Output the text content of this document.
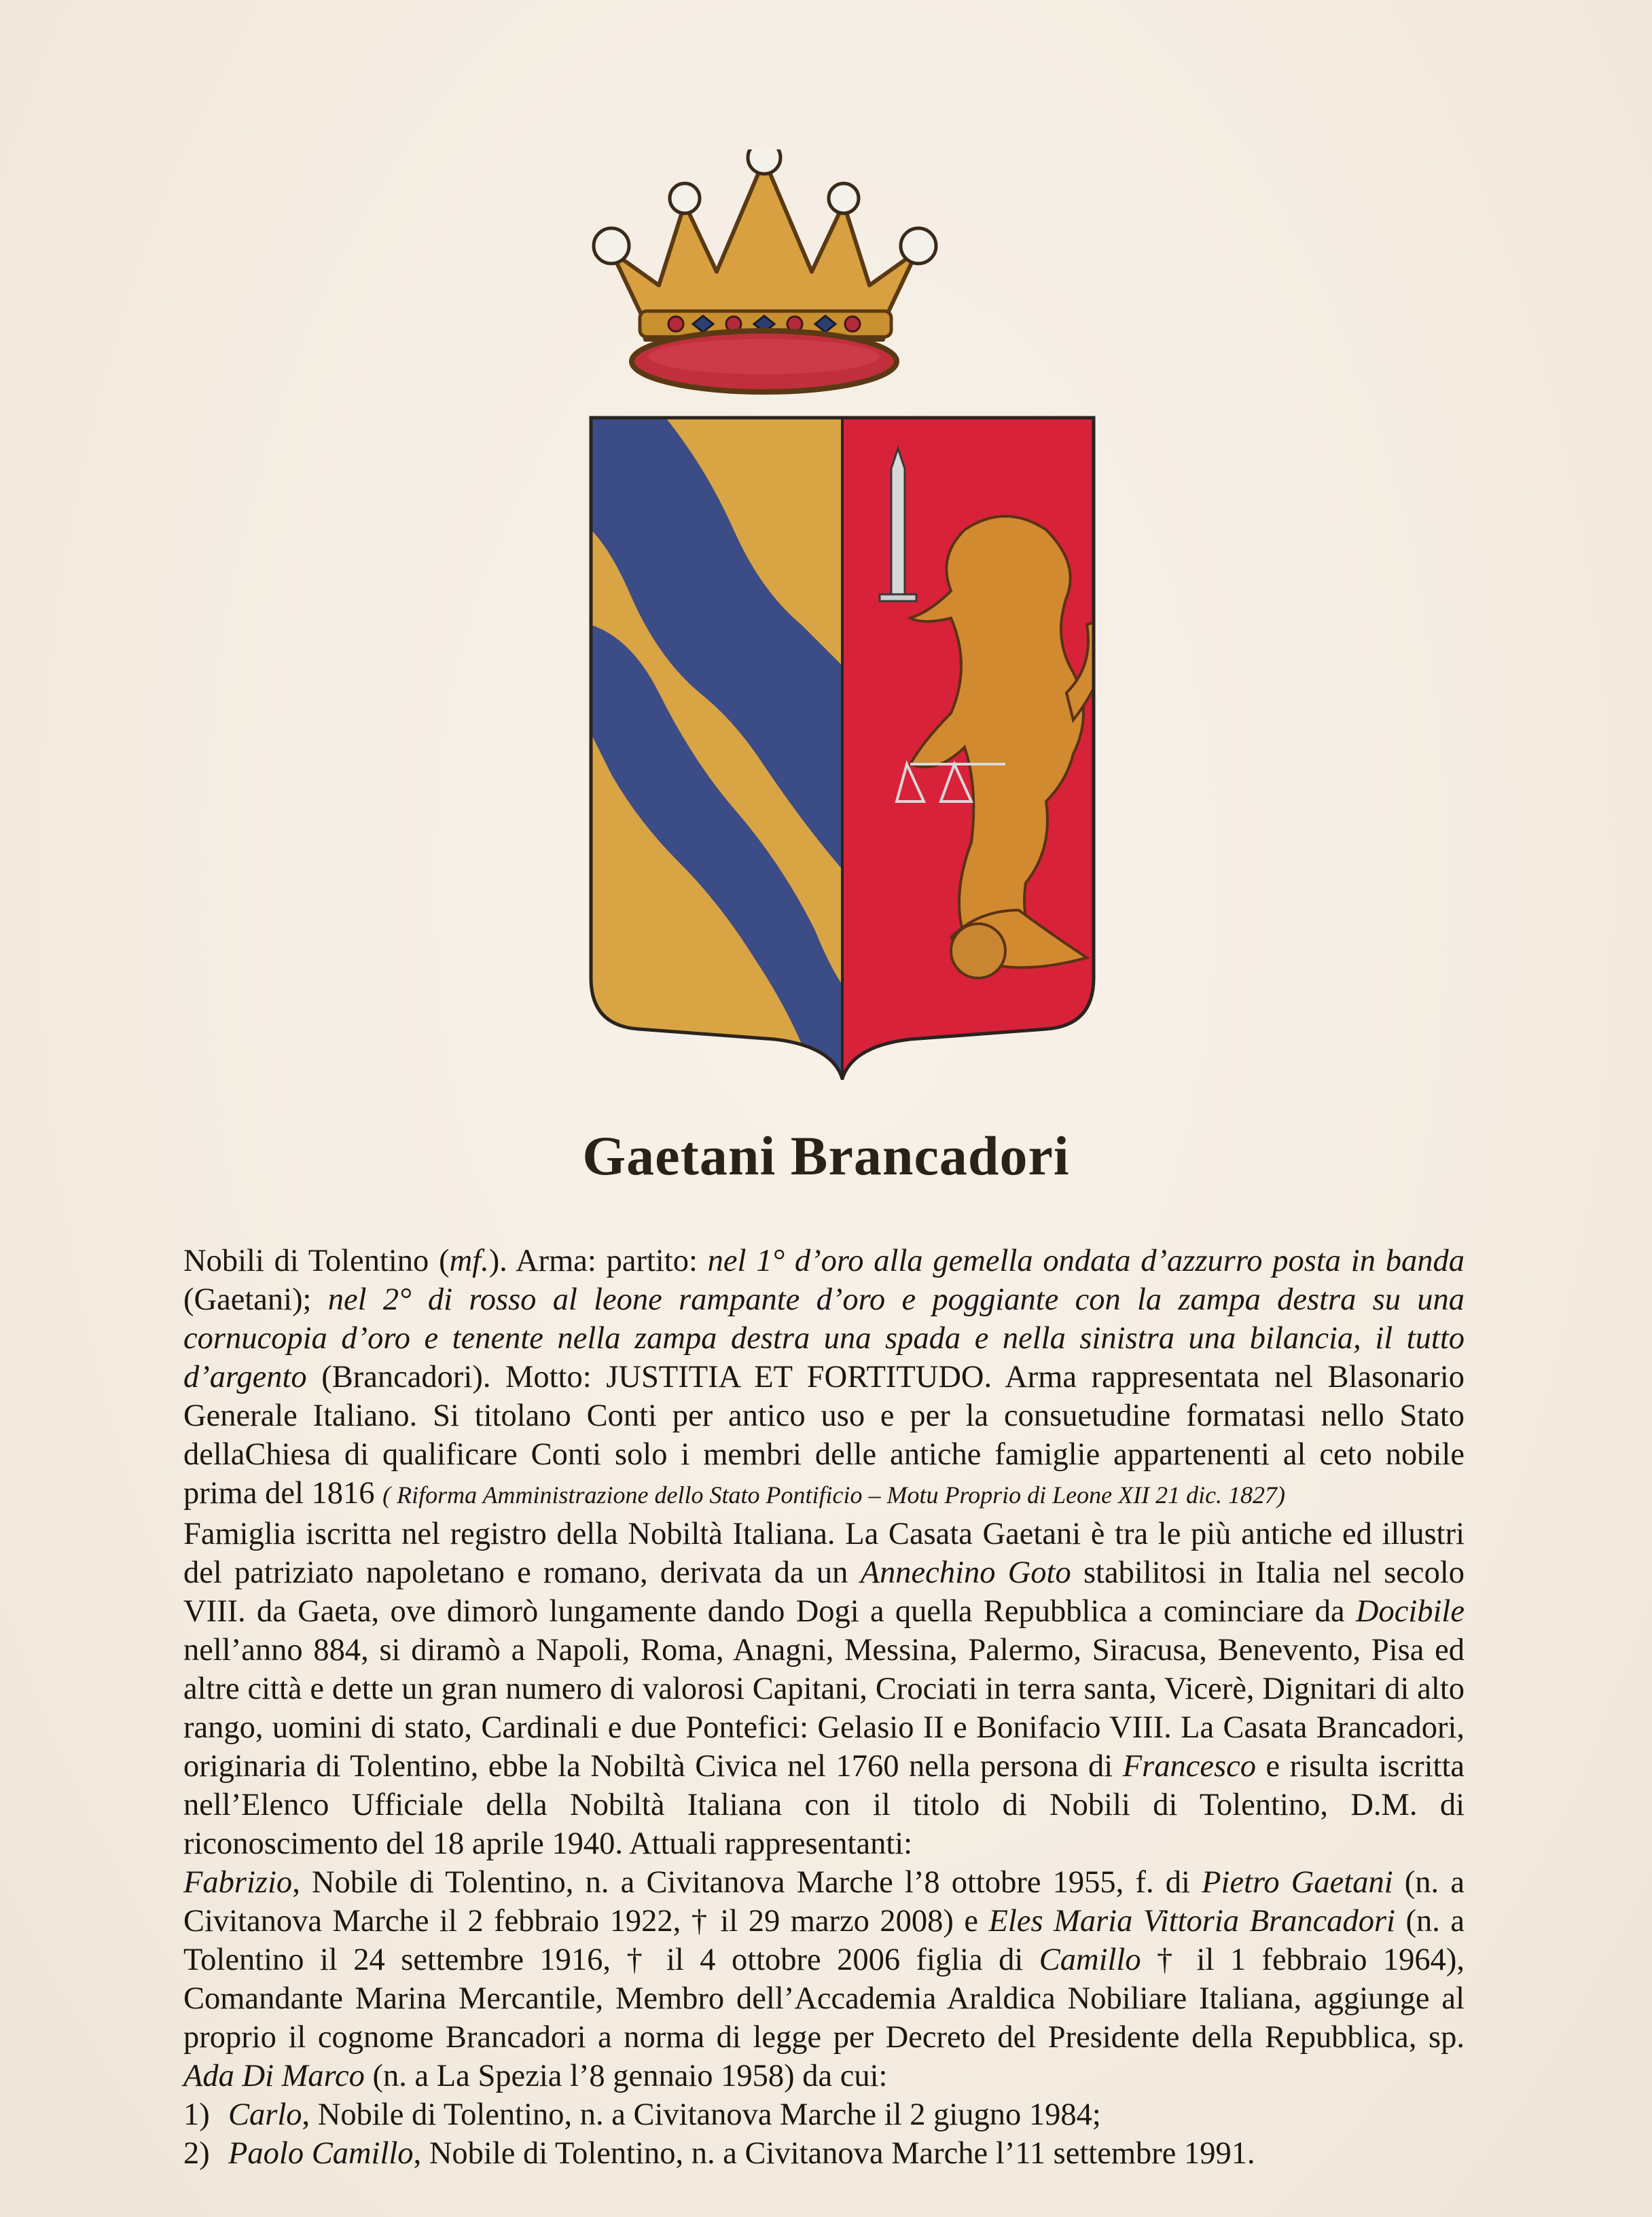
Gaetani Brancadori

Nobili di Tolentino (mf.). Arma: partito: nel 1° d’oro alla gemella ondata d’azzurro posta in banda (Gaetani); nel 2° di rosso al leone rampante d’oro e poggiante con la zampa destra su una cornucopia d’oro e tenente nella zampa destra una spada e nella sinistra una bilancia, il tutto d’argento (Brancadori). Motto: JUSTITIA ET FORTITUDO. Arma rappresentata nel Blasonario Generale Italiano. Si titolano Conti per antico uso e per la consuetudine formatasi nello Stato dellaChiesa di qualificare Conti solo i membri delle antiche famiglie appartenenti al ceto nobile prima del 1816 ( Riforma Amministrazione dello Stato Pontificio – Motu Proprio di Leone XII 21 dic. 1827)

Famiglia iscritta nel registro della Nobiltà Italiana. La Casata Gaetani è tra le più antiche ed illustri del patriziato napoletano e romano, derivata da un Annechino Goto stabilitosi in Italia nel secolo VIII. da Gaeta, ove dimorò lungamente dando Dogi a quella Repubblica a cominciare da Docibile nell’anno 884, si diramò a Napoli, Roma, Anagni, Messina, Palermo, Siracusa, Benevento, Pisa ed altre città e dette un gran numero di valorosi Capitani, Crociati in terra santa, Vicerè, Dignitari di alto rango, uomini di stato, Cardinali e due Pontefici: Gelasio II e Bonifacio VIII. La Casata Brancadori, originaria di Tolentino, ebbe la Nobiltà Civica nel 1760 nella persona di Francesco e risulta iscritta nell’Elenco Ufficiale della Nobiltà Italiana con il titolo di Nobili di Tolentino, D.M. di riconoscimento del 18 aprile 1940. Attuali rappresentanti:

Fabrizio, Nobile di Tolentino, n. a Civitanova Marche l’8 ottobre 1955, f. di Pietro Gaetani (n. a Civitanova Marche il 2 febbraio 1922, † il 29 marzo 2008) e Eles Maria Vittoria Brancadori (n. a Tolentino il 24 settembre 1916, † il 4 ottobre 2006 figlia di Camillo † il 1 febbraio 1964), Comandante Marina Mercantile, Membro dell’Accademia Araldica Nobiliare Italiana, aggiunge al proprio il cognome Brancadori a norma di legge per Decreto del Presidente della Repubblica, sp. Ada Di Marco (n. a La Spezia l’8 gennaio 1958) da cui:

1) Carlo, Nobile di Tolentino, n. a Civitanova Marche il 2 giugno 1984;
2) Paolo Camillo, Nobile di Tolentino, n. a Civitanova Marche l’11 settembre 1991.
